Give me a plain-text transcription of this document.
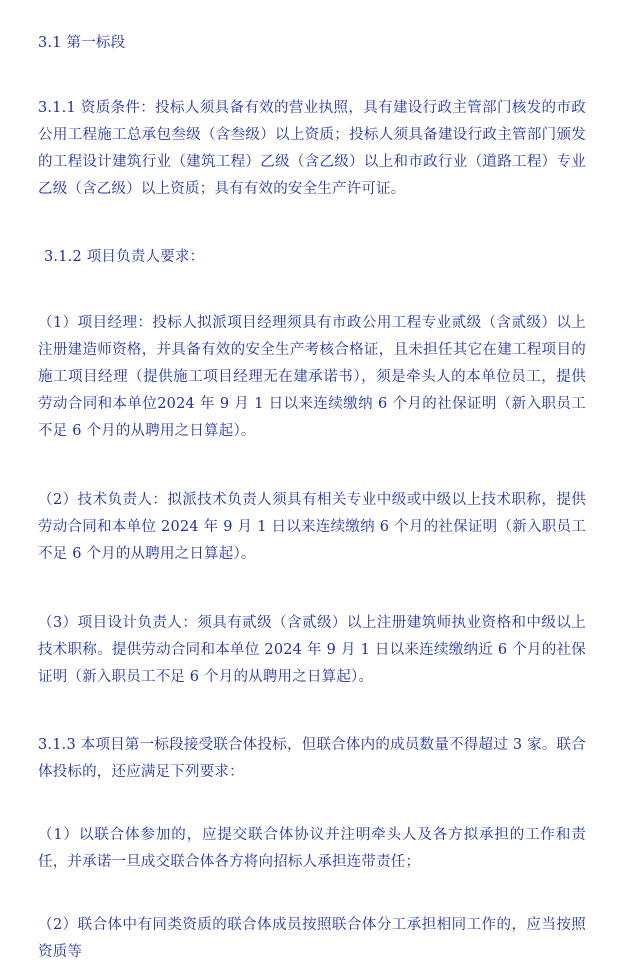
3.1 第一标段

3.1.1 资质条件：投标人须具备有效的营业执照，具有建设行政主管部门核发的市政公用工程施工总承包叁级（含叁级）以上资质；投标人须具备建设行政主管部门颁发的工程设计建筑行业（建筑工程）乙级（含乙级）以上和市政行业（道路工程）专业乙级（含乙级）以上资质；具有有效的安全生产许可证。

3.1.2 项目负责人要求：

（1）项目经理：投标人拟派项目经理须具有市政公用工程专业贰级（含贰级）以上注册建造师资格，并具备有效的安全生产考核合格证，且未担任其它在建工程项目的施工项目经理（提供施工项目经理无在建承诺书），须是牵头人的本单位员工，提供劳动合同和本单位2024 年 9 月 1 日以来连续缴纳 6 个月的社保证明（新入职员工不足 6 个月的从聘用之日算起）。

（2）技术负责人：拟派技术负责人须具有相关专业中级或中级以上技术职称，提供劳动合同和本单位 2024 年 9 月 1 日以来连续缴纳 6 个月的社保证明（新入职员工不足 6 个月的从聘用之日算起）。

（3）项目设计负责人：须具有贰级（含贰级）以上注册建筑师执业资格和中级以上技术职称。提供劳动合同和本单位 2024 年 9 月 1 日以来连续缴纳近 6 个月的社保证明（新入职员工不足 6 个月的从聘用之日算起）。

3.1.3 本项目第一标段接受联合体投标，但联合体内的成员数量不得超过 3 家。联合体投标的，还应满足下列要求：

（1）以联合体参加的，应提交联合体协议并注明牵头人及各方拟承担的工作和责任，并承诺一旦成交联合体各方将向招标人承担连带责任；

（2）联合体中有同类资质的联合体成员按照联合体分工承担相同工作的，应当按照资质等
